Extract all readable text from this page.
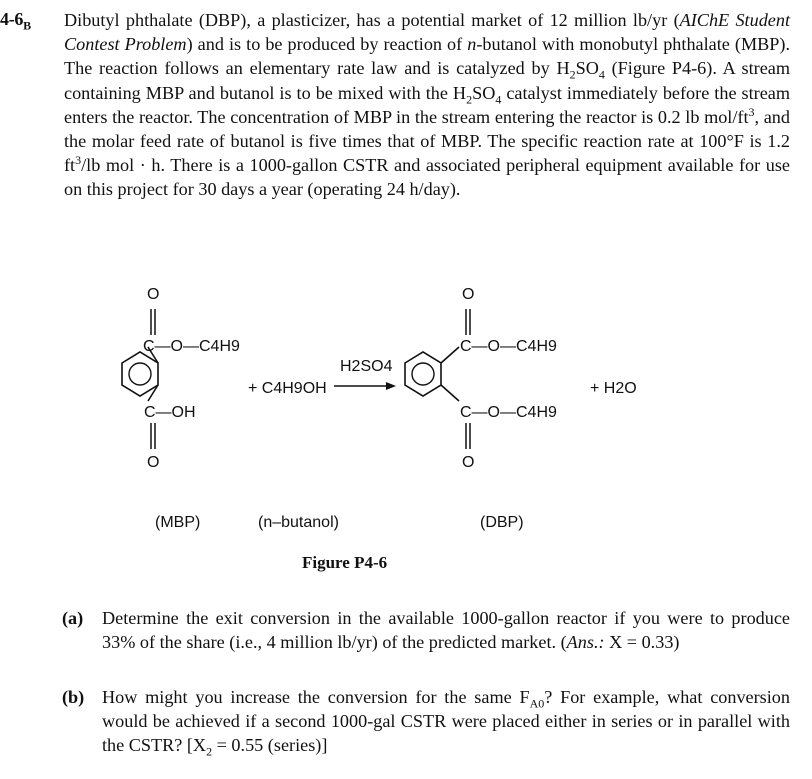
$4-6_B$ Dibutyl phthalate (DBP), a plasticizer, has a potential market of 12 million lb/yr (AIChE Student Contest Problem) and is to be produced by reaction of n-butanol with monobutyl phthalate (MBP). The reaction follows an elementary rate law and is catalyzed by $H_2SO_4$ (Figure P4-6). A stream containing MBP and butanol is to be mixed with the $H_2SO_4$ catalyst immediately before the stream enters the reactor. The concentration of MBP in the stream entering the reactor is 0.2 lb mol/$ft^3$, and the molar feed rate of butanol is five times that of MBP. The specific reaction rate at 100°F is 1.2 $ft^3/lb$ mol · h. There is a 1000-gallon CSTR and associated peripheral equipment available for use on this project for 30 days a year (operating 24 h/day).
C—O—C4H9
O
C—OH
O
+ C4H9OH
H2SO4
C—O—C4H9
O
C—O—C4H9
O
+ H2O
(MBP)	(n–butanol)	(DBP)
Figure P4-6
(a) Determine the exit conversion in the available 1000-gallon reactor if you were to produce 33% of the share (i.e., 4 million lb/yr) of the predicted market. (Ans.: X = 0.33)
(b) How might you increase the conversion for the same $F_{A0}$? For example, what conversion would be achieved if a second 1000-gal CSTR were placed either in series or in parallel with the CSTR? [$X_2 = 0.55$ (series)]
